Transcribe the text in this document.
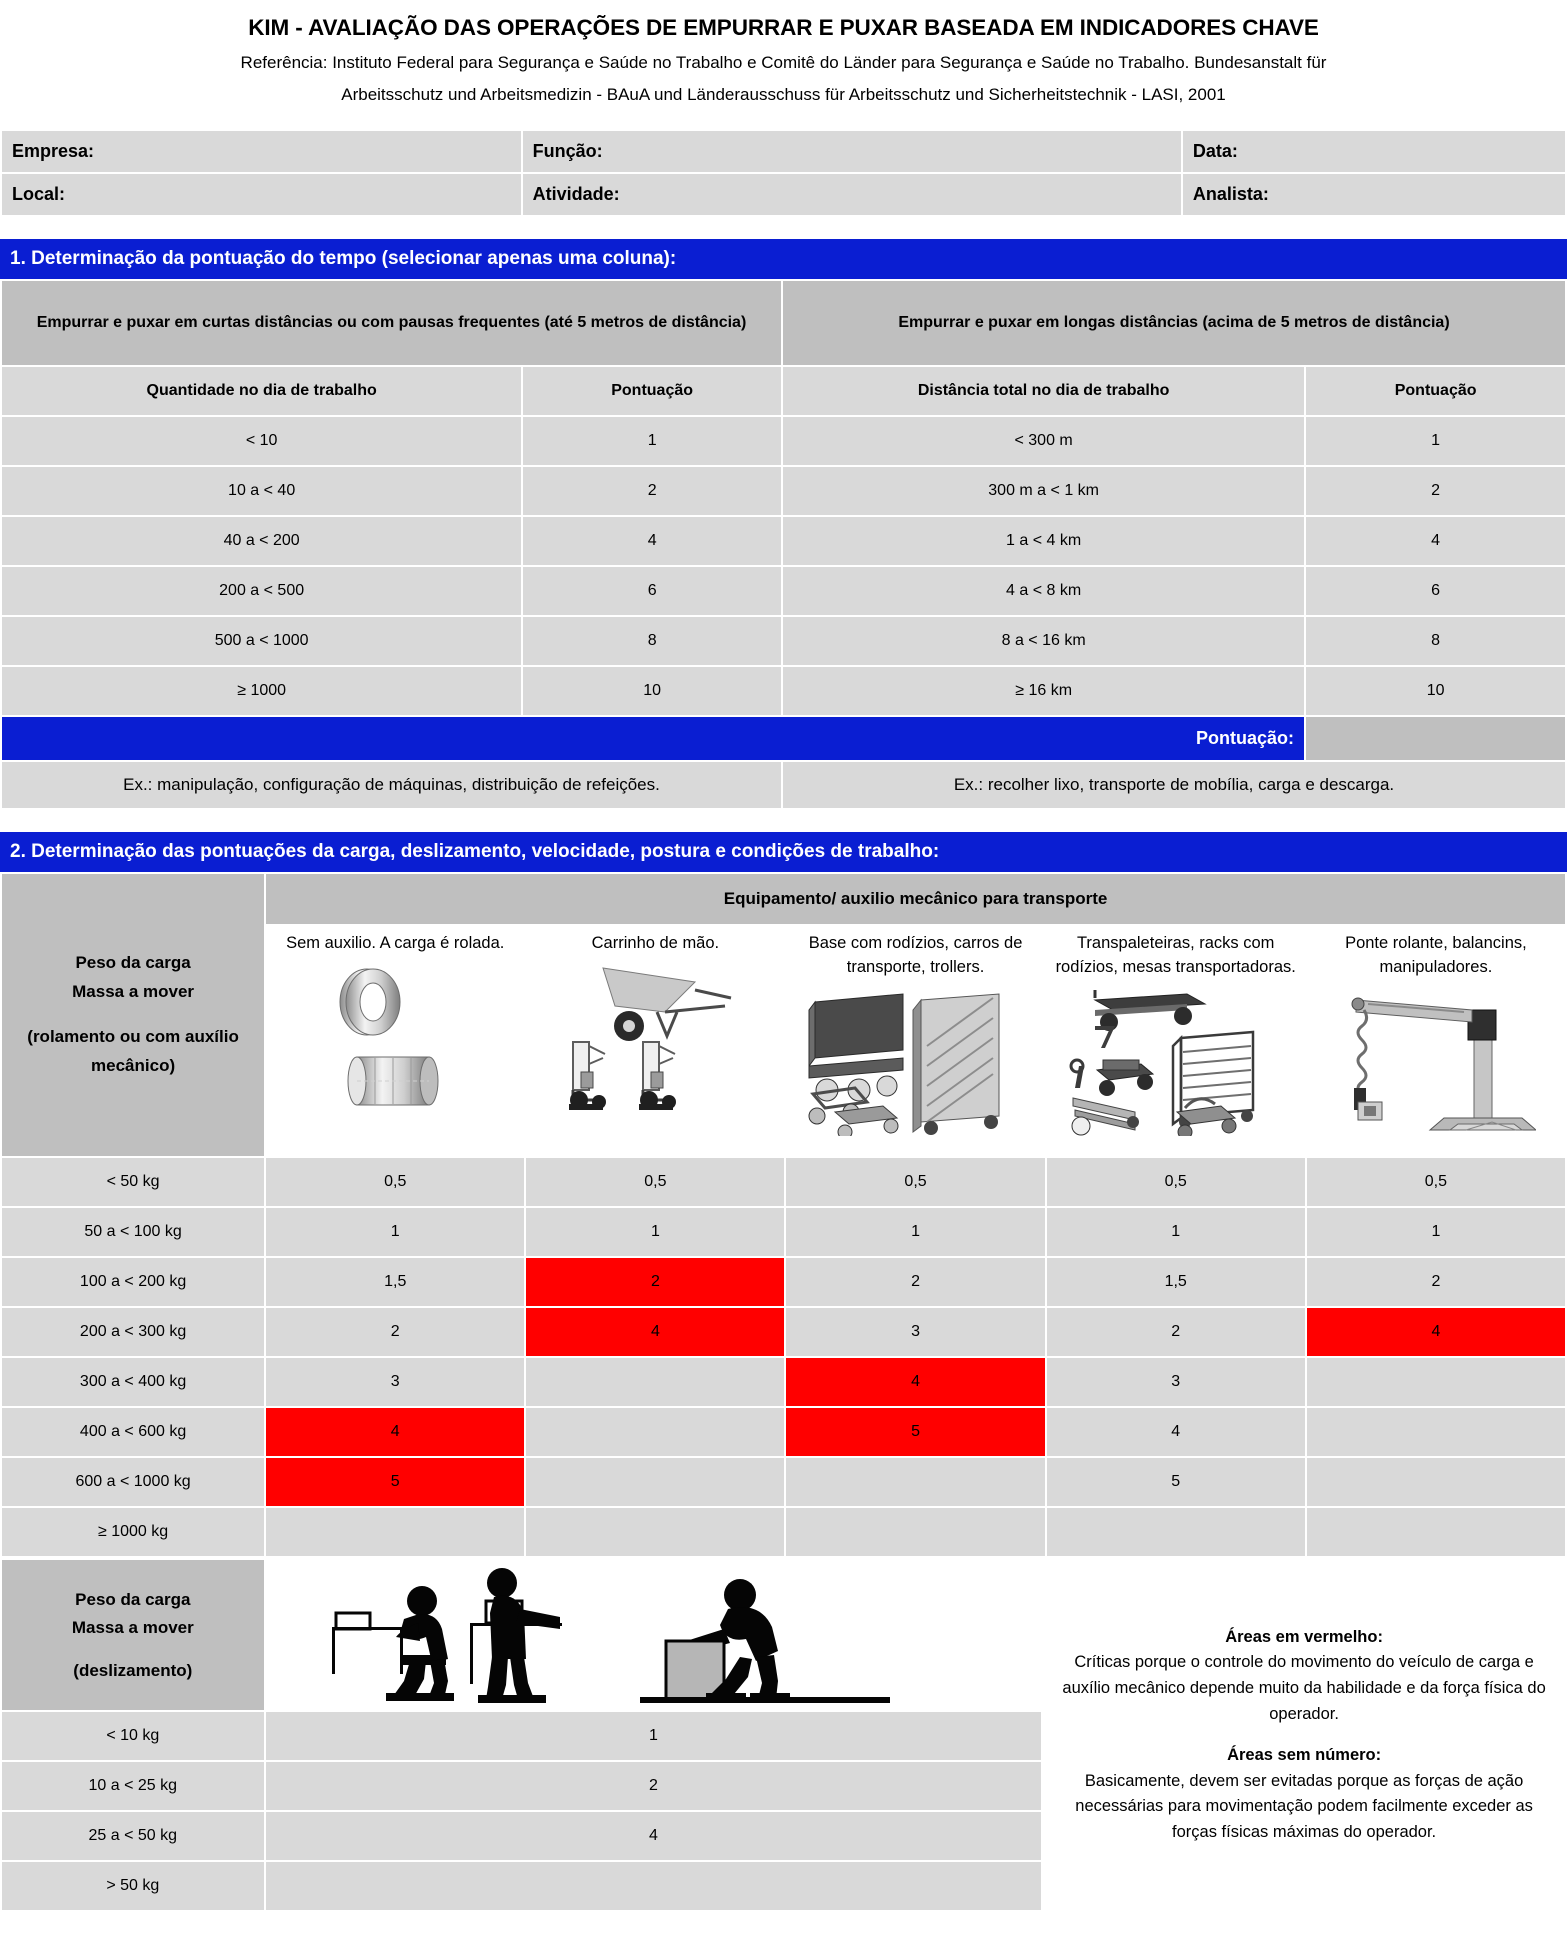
KIM - AVALIAÇÃO DAS OPERAÇÕES DE EMPURRAR E PUXAR BASEADA EM INDICADORES CHAVE
Referência: Instituto Federal para Segurança e Saúde no Trabalho e Comitê do Länder para Segurança e Saúde no Trabalho. Bundesanstalt für
Arbeitsschutz und Arbeitsmedizin - BAuA und Länderausschuss für Arbeitsschutz und Sicherheitstechnik - LASI, 2001
Empresa:	Função:	Data:
Local:	Atividade:	Analista:
1. Determinação da pontuação do tempo (selecionar apenas uma coluna):
Empurrar e puxar em curtas distâncias ou com pausas frequentes (até 5 metros de distância)		Empurrar e puxar em longas distâncias (acima de 5 metros de distância)	
Quantidade no dia de trabalho	Pontuação	Distância total no dia de trabalho	Pontuação
< 10	1	< 300 m	1
10 a < 40	2	300 m a < 1 km	2
40 a < 200	4	1 a < 4 km	4
200 a < 500	6	4 a < 8 km	6
500 a < 1000	8	8 a < 16 km	8
≥ 1000	10	≥ 16 km	10

Pontuação:			

Ex.: manipulação, configuração de máquinas, distribuição de refeições.		Ex.: recolher lixo, transporte de mobília, carga e descarga.	
2. Determinação das pontuações da carga, deslizamento, velocidade, postura e condições de trabalho:
Peso da carga
Massa a mover
(rolamento ou com auxílio mecânico)	Equipamento/ auxilio mecânico para transporte				

	Sem auxilio. A carga é rolada.	Carrinho de mão.	Base com rodízios, carros de transporte, trollers.	Transpaleteiras, racks com rodízios, mesas transportadoras.	Ponte rolante, balancins, manipuladores.

< 50 kg	0,5	0,5	0,5	0,5	0,5
50 a < 100 kg	1	1	1	1	1
100 a < 200 kg	1,5	2	2	1,5	2
200 a < 300 kg	2	4	3	2	4
300 a < 400 kg	3		4	3	
400 a < 600 kg	4		5	4	
600 a < 1000 kg	5			5	
≥ 1000 kg					
Peso da carga
Massa a mover
(deslizamento)

Áreas em vermelho:
Críticas porque o controle do movimento do veículo de carga e auxílio mecânico depende muito da habilidade e da força física do operador.

Áreas sem número:
Basicamente, devem ser evitadas porque as forças de ação necessárias para movimentação podem facilmente exceder as forças físicas máximas do operador.

< 10 kg	1	
10 a < 25 kg	2	
25 a < 50 kg	4	
> 50 kg		
